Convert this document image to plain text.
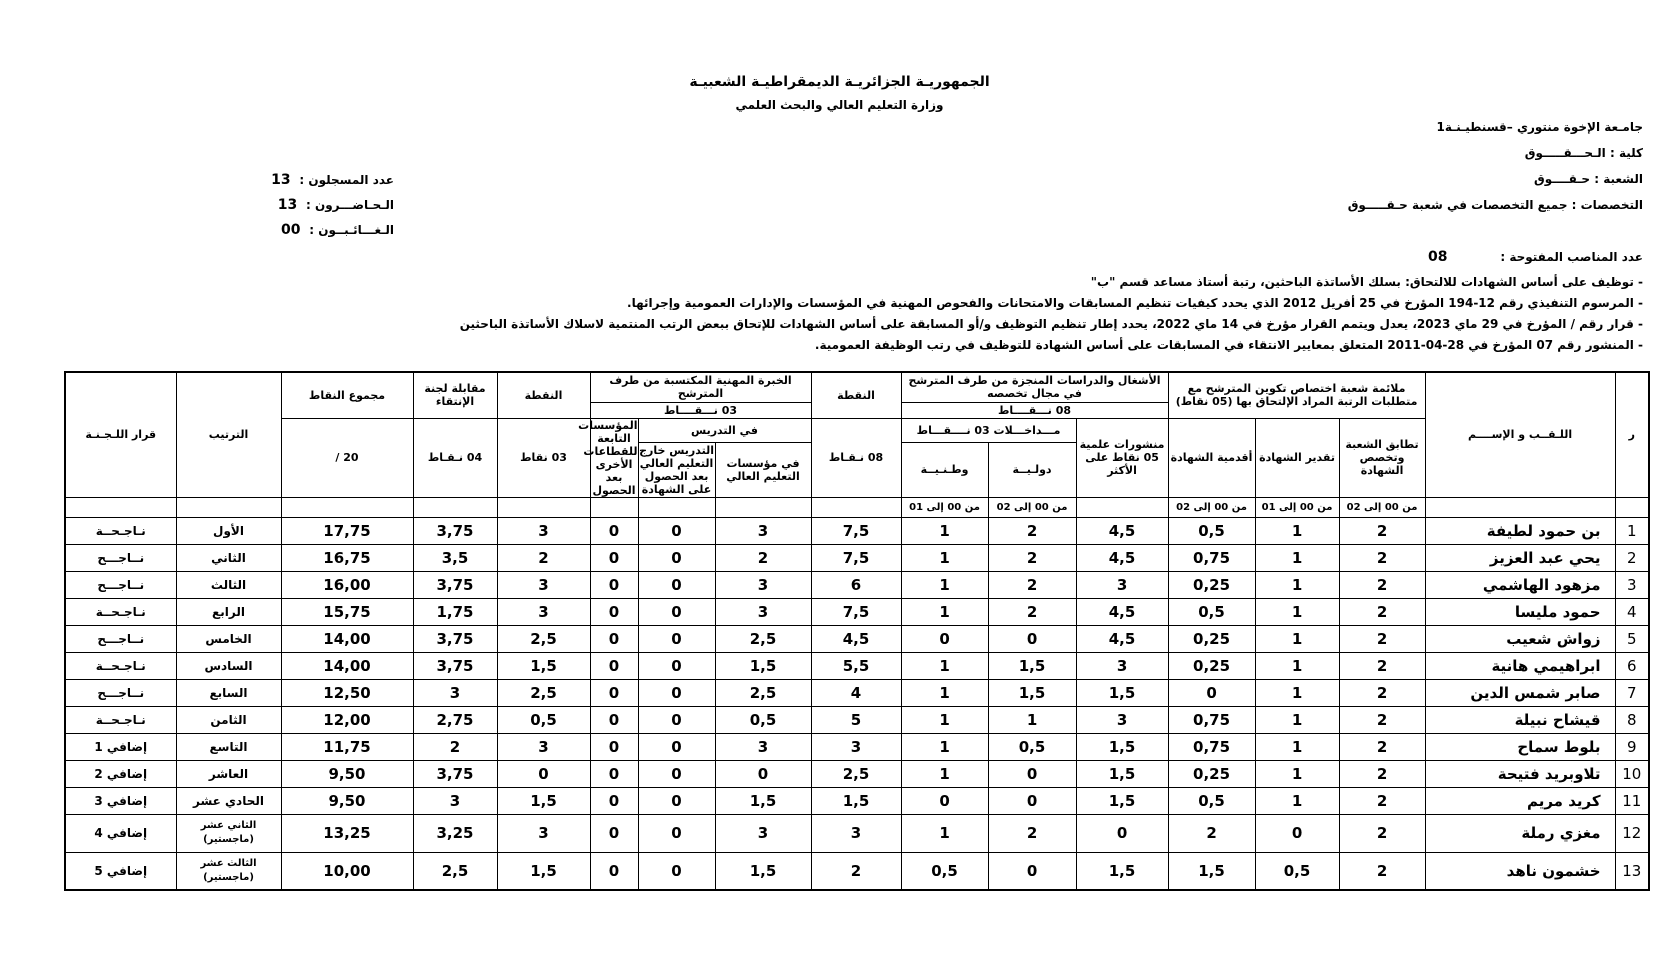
الجمهوريـة الجزائريـة الديمقراطيـة الشعبيـة
وزارة التعليم العالي والبحث العلمي
جامـعة الإخوة منتوري –قسنطيـنـة1
كلية : الـحـــقـــــوق
الشعبة : حـقــــوق
التخصصات : جميع التخصصات في شعبة حـقـــــوق
عدد المناصب المفتوحة :  08
عدد المسجلون : 13
الـحـاضـــرون : 13
الـغـــائـبــون : 00
- توظيف على أساس الشهادات للالتحاق: بسلك الأساتذة الباحثين، رتبة أستاذ مساعد قسم "ب"
- المرسوم التنفيذي رقم 12-194 المؤرخ في 25 أفريل 2012 الذي يحدد كيفيات تنظيم المسابقات والامتحانات والفحوص المهنية في المؤسسات والإدارات العمومية وإجرائها.
- قرار رقم / المؤرخ في 29 ماي 2023، يعدل ويتمم القرار مؤرخ في 14 ماي 2022، يحدد إطار تنظيم التوظيف و/أو المسابقة على أساس الشهادات للإتحاق ببعض الرتب المنتمية لاسلاك الأساتذة الباحثين
- المنشور رقم 07 المؤرخ في 28-04-2011 المتعلق بمعايير الانتقاء في المسابقات على أساس الشهادة للتوظيف في رتب الوظيفة العمومية.
ر	اللـقــب و الإســــم	ملائمة شعبة اختصاص تكوين المترشح مع متطلبات الرتبة المراد الإلتحاق بها (05 نقاط)			الأشغال والدراسات المنجزة من طرف المترشح في مجال تخصصه			النقطة	الخبرة المهنية المكتسبة من طرف المترشح			النقطة	مقابلة لجنة الإنتقاء	مجموع النقاط	الترتيب	قرار اللـجـنـة
					08 نـــقــــاط				03 نـــقــــاط							
		تطابق الشعبة وتخصص الشهادة	تقدير الشهادة	أقدمية الشهادة	منشورات علمية 05 نقاط على الأكثر	مـــداخـــلات 03 نــــقـــاط		08 نـقـاط	في التدريس		المؤسسات التابعة للقطاعات الأخرى بعد الحصول	03 نقاط	04 نـقـاط	20 /		
						دولـيــة	وطـنـيــة		في مؤسسات التعليم العالي	التدريس خارج التعليم العالي بعد الحصول على الشهادة						
		من 00 إلى 02	من 00 إلى 01	من 00 إلى 02		من 00 إلى 02	من 00 إلى 01									
1	بن حمود لطيفة	2	1	0,5	4,5	2	1	7,5	3	0	0	3	3,75	17,75	الأول	نـاجـحــة
2	يحي عبد العزيز	2	1	0,75	4,5	2	1	7,5	2	0	0	2	3,5	16,75	الثاني	نــاجـــح
3	مزهود الهاشمي	2	1	0,25	3	2	1	6	3	0	0	3	3,75	16,00	الثالث	نــاجـــح
4	حمود مليسا	2	1	0,5	4,5	2	1	7,5	3	0	0	3	1,75	15,75	الرابع	نـاجـحــة
5	زواش شعيب	2	1	0,25	4,5	0	0	4,5	2,5	0	0	2,5	3,75	14,00	الخامس	نــاجـــح
6	ابراهيمي هانية	2	1	0,25	3	1,5	1	5,5	1,5	0	0	1,5	3,75	14,00	السادس	نـاجـحــة
7	صابر شمس الدين	2	1	0	1,5	1,5	1	4	2,5	0	0	2,5	3	12,50	السابع	نــاجـــح
8	قيشاح نبيلة	2	1	0,75	3	1	1	5	0,5	0	0	0,5	2,75	12,00	الثامن	نـاجـحــة
9	بلوط سماح	2	1	0,75	1,5	0,5	1	3	3	0	0	3	2	11,75	التاسع	إضافي 1
10	تلاوبريد فتيحة	2	1	0,25	1,5	0	1	2,5	0	0	0	0	3,75	9,50	العاشر	إضافي 2
11	كريد مريم	2	1	0,5	1,5	0	0	1,5	1,5	0	0	1,5	3	9,50	الحادي عشر	إضافي 3
12	مغزي رملة	2	0	2	0	2	1	3	3	0	0	3	3,25	13,25	الثاني عشر (ماجستير)	إضافي 4
13	خشمون ناهد	2	0,5	1,5	1,5	0	0,5	2	1,5	0	0	1,5	2,5	10,00	الثالث عشر (ماجستير)	إضافي 5
